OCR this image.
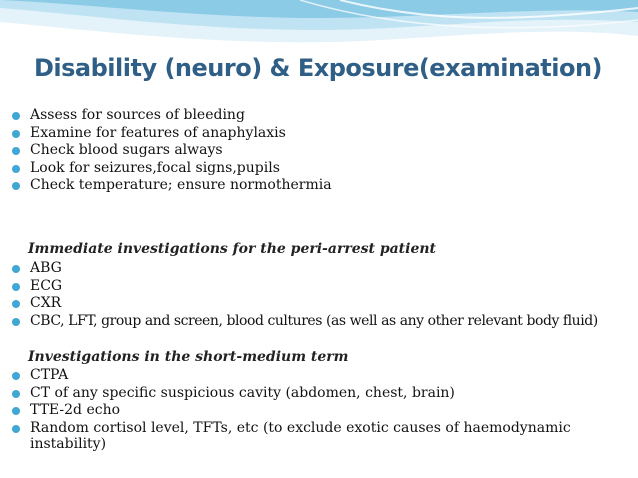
Disability (neuro) & Exposure(examination)
Assess for sources of bleeding
Examine for features of anaphylaxis
Check blood sugars always
Look for seizures,focal signs,pupils
Check temperature; ensure normothermia
Immediate investigations for the peri-arrest patient
ABG
ECG
CXR
CBC, LFT, group and screen, blood cultures (as well as any other relevant body fluid)
Investigations in the short-medium term
CTPA
CT of any specific suspicious cavity (abdomen, chest, brain)
TTE-2d echo
Random cortisol level, TFTs, etc (to exclude exotic causes of haemodynamic instability)
